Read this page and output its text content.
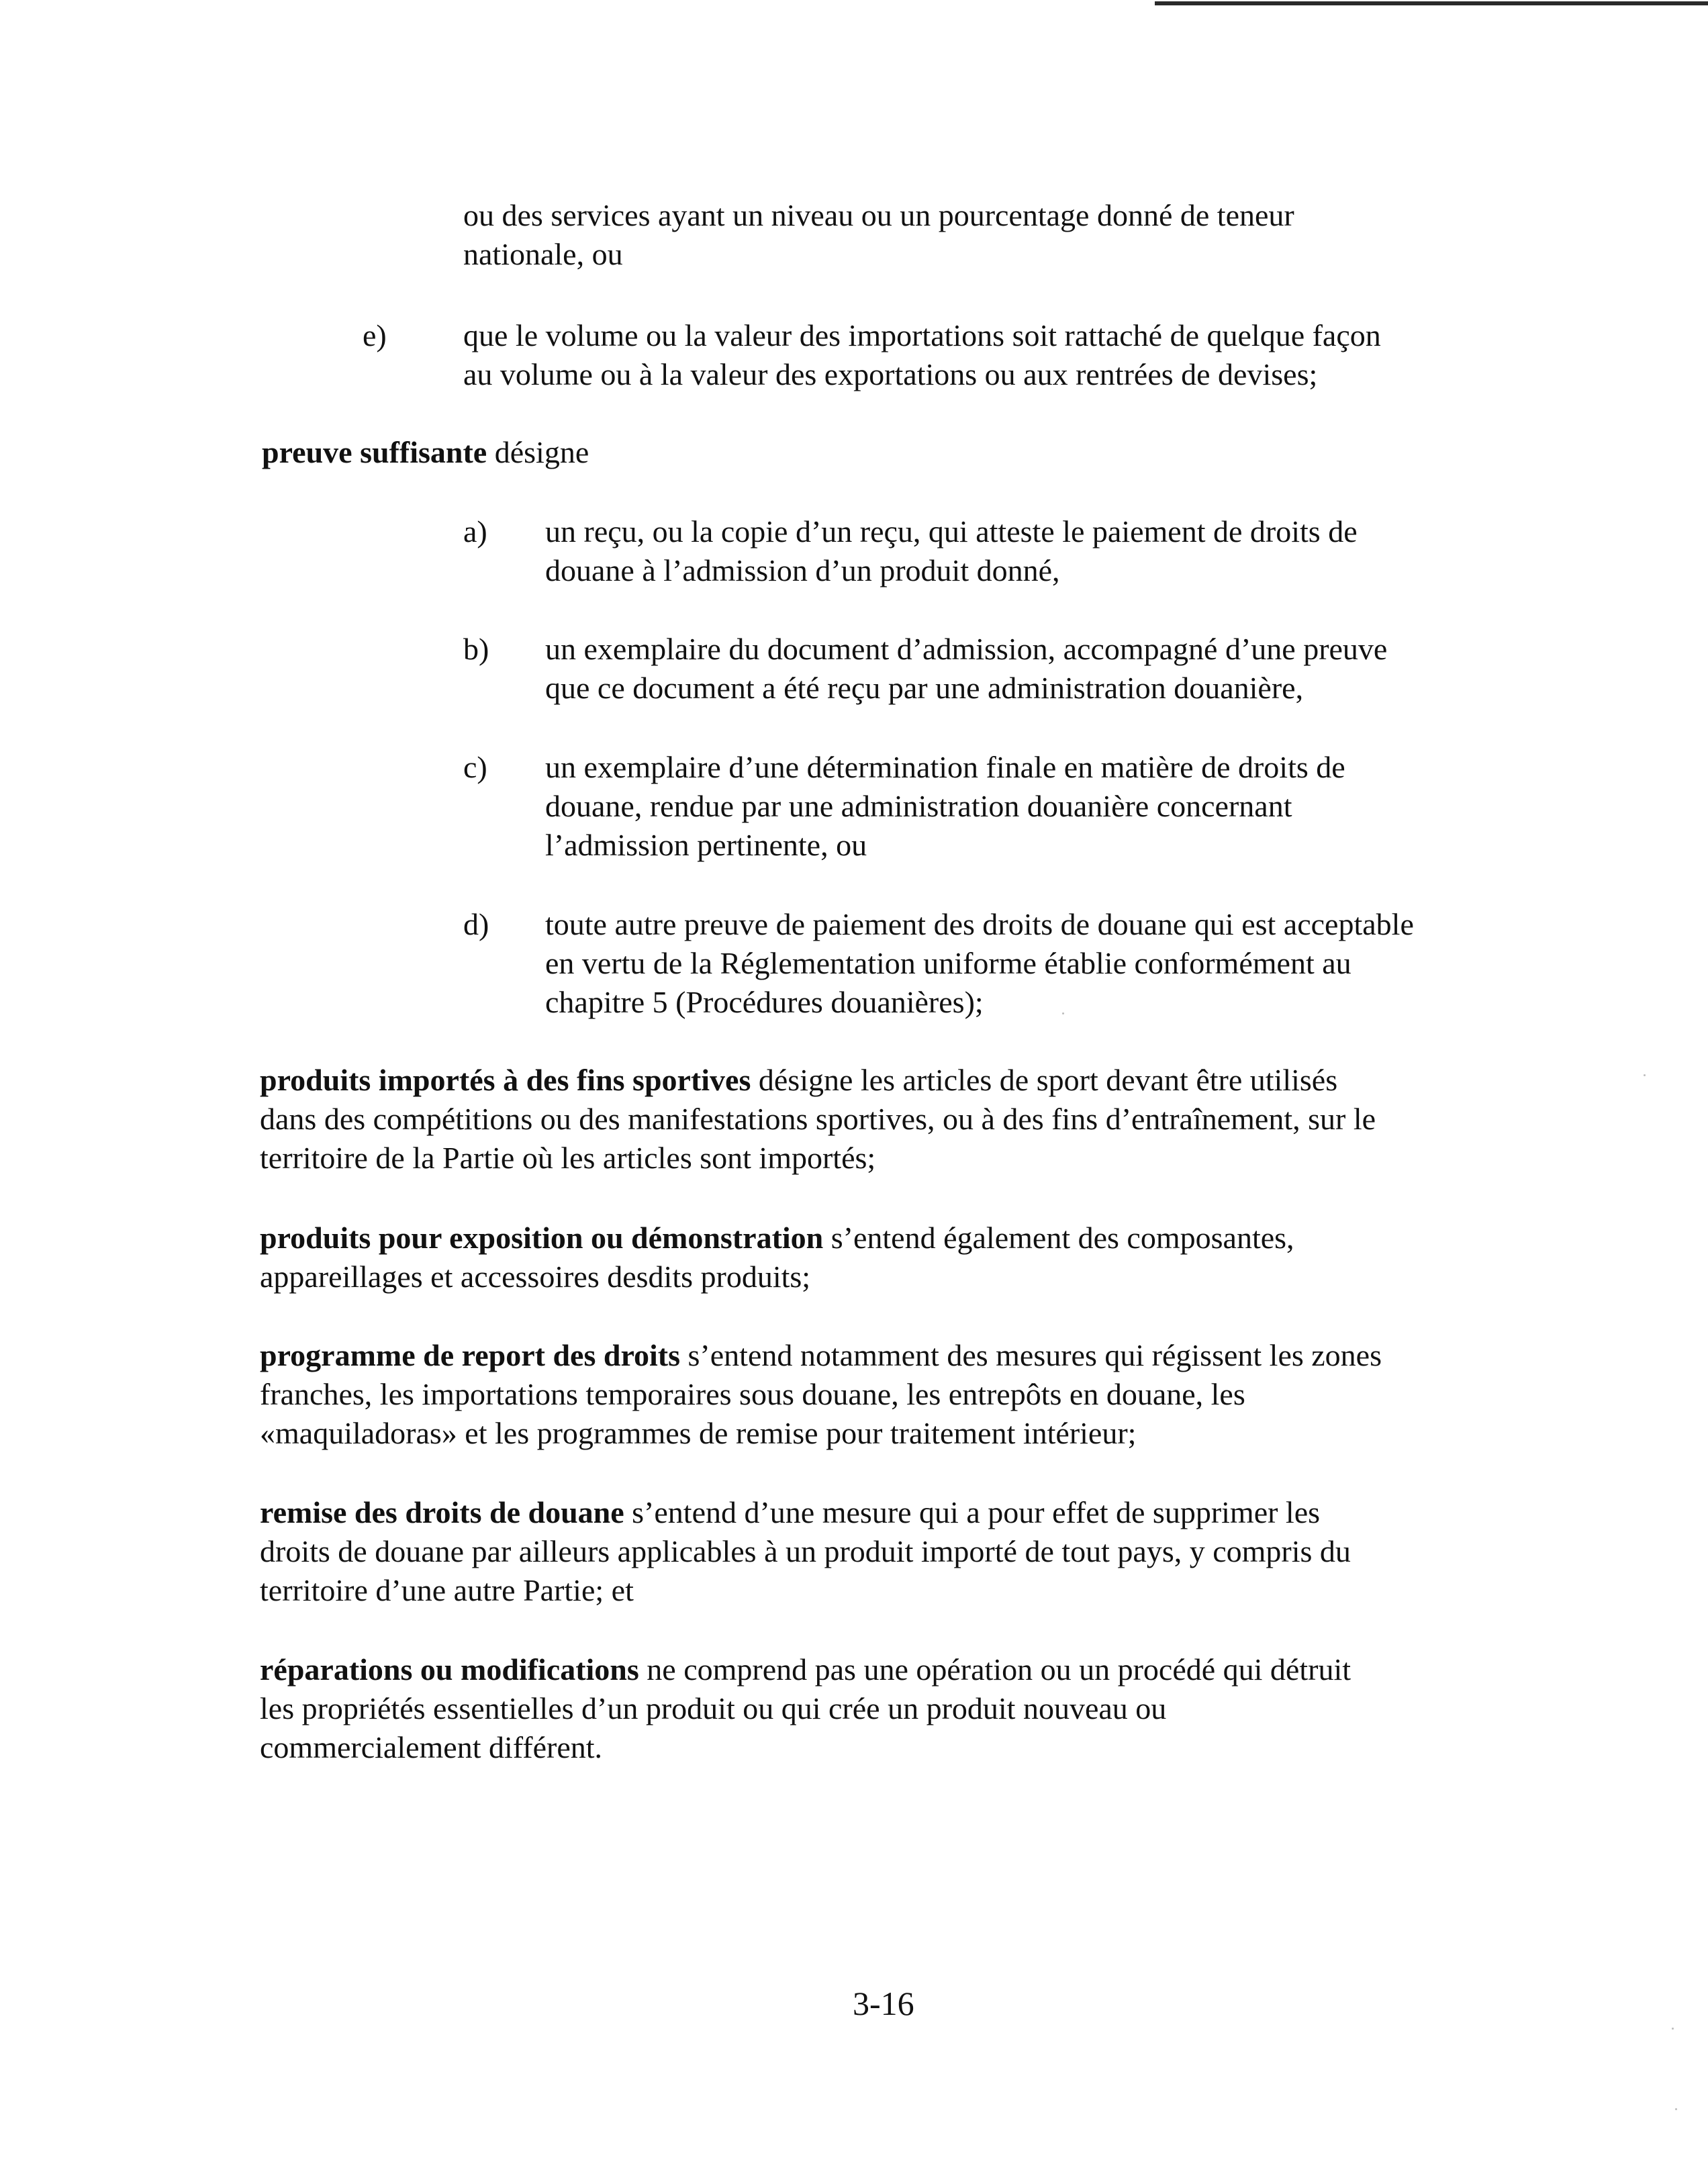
ou des services ayant un niveau ou un pourcentage donné de teneur
nationale, ou
e) que le volume ou la valeur des importations soit rattaché de quelque façon
au volume ou à la valeur des exportations ou aux rentrées de devises;
preuve suffisante désigne
a) un reçu, ou la copie d’un reçu, qui atteste le paiement de droits de
douane à l’admission d’un produit donné,
b) un exemplaire du document d’admission, accompagné d’une preuve
que ce document a été reçu par une administration douanière,
c) un exemplaire d’une détermination finale en matière de droits de
douane, rendue par une administration douanière concernant
l’admission pertinente, ou
d) toute autre preuve de paiement des droits de douane qui est acceptable
en vertu de la Réglementation uniforme établie conformément au
chapitre 5 (Procédures douanières);
produits importés à des fins sportives désigne les articles de sport devant être utilisés
dans des compétitions ou des manifestations sportives, ou à des fins d’entraînement, sur le
territoire de la Partie où les articles sont importés;
produits pour exposition ou démonstration s’entend également des composantes,
appareillages et accessoires desdits produits;
programme de report des droits s’entend notamment des mesures qui régissent les zones
franches, les importations temporaires sous douane, les entrepôts en douane, les
«maquiladoras» et les programmes de remise pour traitement intérieur;
remise des droits de douane s’entend d’une mesure qui a pour effet de supprimer les
droits de douane par ailleurs applicables à un produit importé de tout pays, y compris du
territoire d’une autre Partie; et
réparations ou modifications ne comprend pas une opération ou un procédé qui détruit
les propriétés essentielles d’un produit ou qui crée un produit nouveau ou
commercialement différent.
3-16
